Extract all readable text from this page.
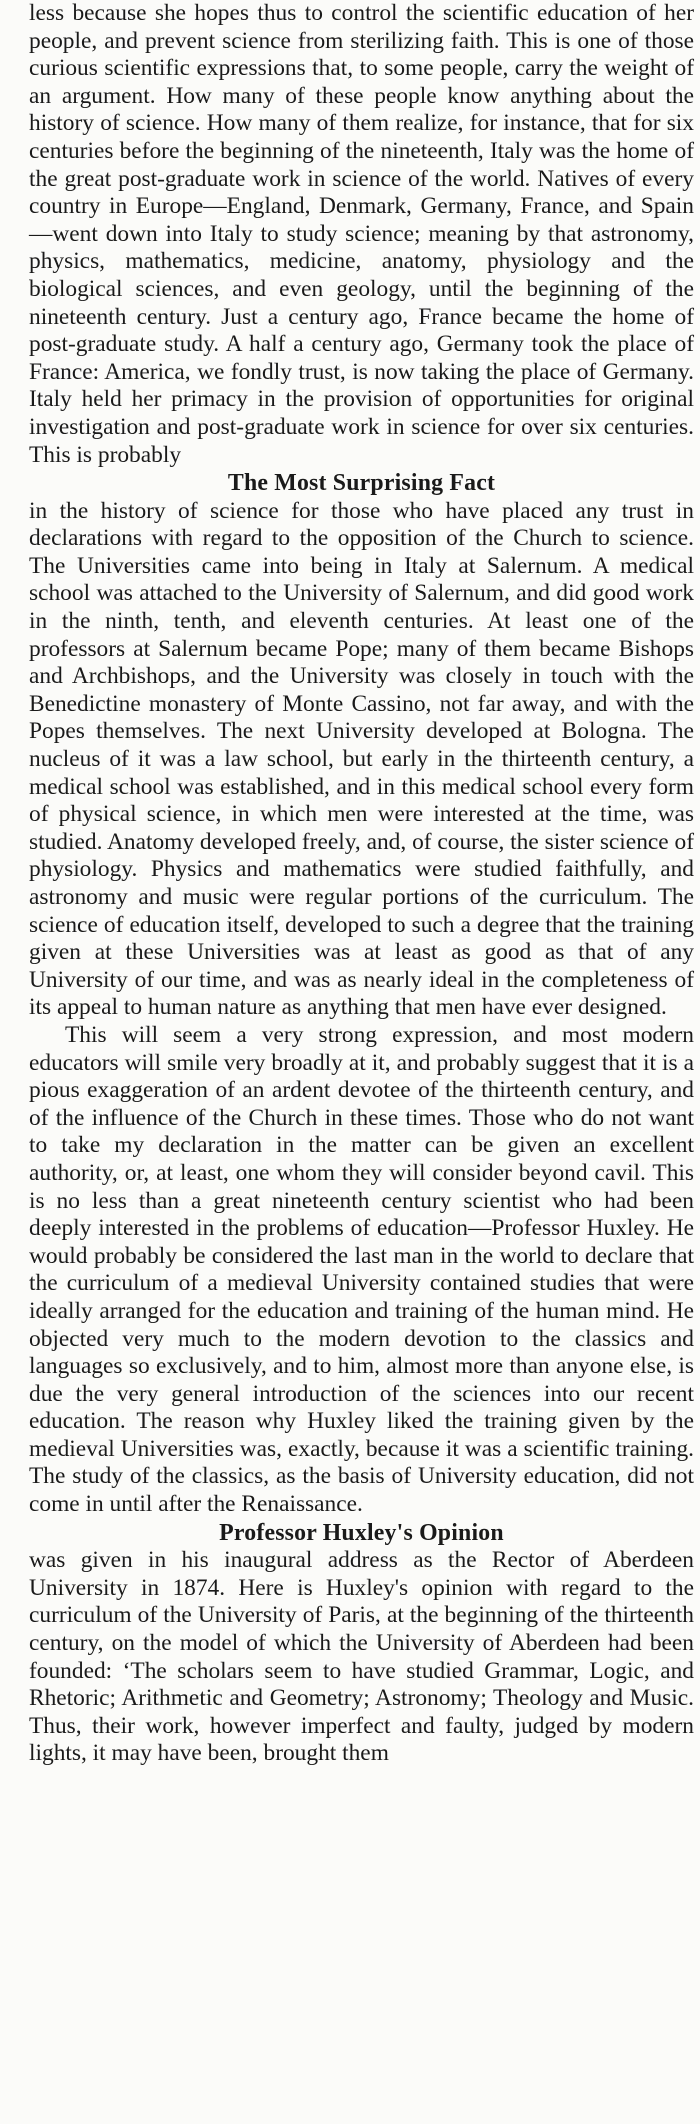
less because she hopes thus to control the scientific education of her people, and prevent science from sterilizing faith. This is one of those curious scientific expressions that, to some people, carry the weight of an argument. How many of these people know anything about the history of science. How many of them realize, for instance, that for six centuries before the beginning of the nineteenth, Italy was the home of the great post-graduate work in science of the world. Natives of every country in Europe—England, Denmark, Germany, France, and Spain—went down into Italy to study science; meaning by that astronomy, physics, mathematics, medicine, anatomy, physiology and the biological sciences, and even geology, until the beginning of the nineteenth century. Just a century ago, France became the home of post-graduate study. A half a century ago, Germany took the place of France: America, we fondly trust, is now taking the place of Germany. Italy held her primacy in the provision of opportunities for original investigation and post-graduate work in science for over six centuries. This is probably

The Most Surprising Fact

in the history of science for those who have placed any trust in declarations with regard to the opposition of the Church to science. The Universities came into being in Italy at Salernum. A medical school was attached to the University of Salernum, and did good work in the ninth, tenth, and eleventh centuries. At least one of the professors at Salernum became Pope; many of them became Bishops and Archbishops, and the University was closely in touch with the Benedictine monastery of Monte Cassino, not far away, and with the Popes themselves. The next University developed at Bologna. The nucleus of it was a law school, but early in the thirteenth century, a medical school was established, and in this medical school every form of physical science, in which men were interested at the time, was studied. Anatomy developed freely, and, of course, the sister science of physiology. Physics and mathematics were studied faithfully, and astronomy and music were regular portions of the curriculum. The science of education itself, developed to such a degree that the training given at these Universities was at least as good as that of any University of our time, and was as nearly ideal in the completeness of its appeal to human nature as anything that men have ever designed.

This will seem a very strong expression, and most modern educators will smile very broadly at it, and probably suggest that it is a pious exaggeration of an ardent devotee of the thirteenth century, and of the influence of the Church in these times. Those who do not want to take my declaration in the matter can be given an excellent authority, or, at least, one whom they will consider beyond cavil. This is no less than a great nineteenth century scientist who had been deeply interested in the problems of education—Professor Huxley. He would probably be considered the last man in the world to declare that the curriculum of a medieval University contained studies that were ideally arranged for the education and training of the human mind. He objected very much to the modern devotion to the classics and languages so exclusively, and to him, almost more than anyone else, is due the very general introduction of the sciences into our recent education. The reason why Huxley liked the training given by the medieval Universities was, exactly, because it was a scientific training. The study of the classics, as the basis of University education, did not come in until after the Renaissance.

Professor Huxley's Opinion

was given in his inaugural address as the Rector of Aberdeen University in 1874. Here is Huxley's opinion with regard to the curriculum of the University of Paris, at the beginning of the thirteenth century, on the model of which the University of Aberdeen had been founded: ‘The scholars seem to have studied Grammar, Logic, and Rhetoric; Arithmetic and Geometry; Astronomy; Theology and Music. Thus, their work, however imperfect and faulty, judged by modern lights, it may have been, brought them
